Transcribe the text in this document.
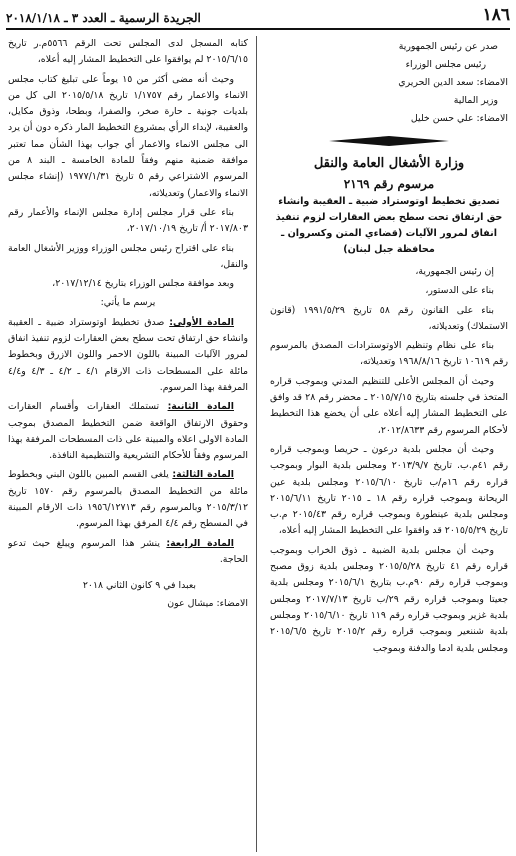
١٨٦
الجريدة الرسمية ـ العدد ٣ ـ ٢٠١٨/١/١٨
صدر عن رئيس الجمهورية
رئيس مجلس الوزراء
الامضاء: سعد الدين الحريري
وزير المالية
الامضاء: علي حسن خليل
وزارة الأشغال العامة والنقل
مرسوم رقم ٢١٦٩
تصديق تخطيط اوتوستراد ضبية ـ العقيبة وانشاء حق ارتفاق تحت سطح بعض العقارات لزوم تنفيذ انفاق لمرور الآليات (قضاءي المتن وكسروان ـ محافظة جبل لبنان)
إن رئيس الجمهورية،
بناء على الدستور،
بناء على القانون رقم ٥٨ تاريخ ١٩٩١/٥/٢٩ (قانون الاستملاك) وتعديلاته،
بناء على نظام وتنظيم الاوتوسترادات المصدق بالمرسوم رقم ١٠٦١٩ تاريخ ١٩٦٨/٨/١٦ وتعديلاته،
وحيث أن المجلس الأعلى للتنظيم المدني وبموجب قراره المتخذ في جلسته بتاريخ ٢٠١٥/٧/١٥ ـ محضر رقم ٢٨ قد وافق على التخطيط المشار إليه أعلاه على أن يخضع هذا التخطيط لأحكام المرسوم رقم ٢٠١٢/٨٦٣٣،
وحيث أن مجلس بلدية درعون ـ حريصا وبموجب قراره رقم ٤١م.ب. تاريخ ٢٠١٣/٩/٧ ومجلس بلدية البوار وبموجب قراره رقم ١٦م/ب تاريخ ٢٠١٥/٦/١٠ ومجلس بلدية عين الريحانة وبموجب قراره رقم ١٨ ـ ٢٠١٥ تاريخ ٢٠١٥/٦/١١ ومجلس بلدية عينطورة وبموجب قراره رقم ٢٠١٥/٤٣ م.ب تاريخ ٢٠١٥/٥/٢٩ قد وافقوا على التخطيط المشار إليه أعلاه،
وحيث أن مجلس بلدية الضبية ـ ذوق الخراب وبموجب قراره رقم ٤١ تاريخ ٢٠١٥/٥/٢٨ ومجلس بلدية زوق مصبح وبموجب قراره رقم ٩٠م.ب بتاريخ ٢٠١٥/٦/١ ومجلس بلدية جعيتا وبموجب قراره رقم ٢٩/ب تاريخ ٢٠١٧/٧/١٣ ومجلس بلدية غزير وبموجب قراره رقم ١١٩ تاريخ ٢٠١٥/٦/١٠ ومجلس بلدية شننعير وبموجب قراره رقم ٢٠١٥/٢ تاريخ ٢٠١٥/٦/٥ ومجلس بلدية ادما والدفنة وبموجب
كتابه المسجل لدى المجلس تحت الرقم ٥٥٦٦م.ر تاريخ ٢٠١٥/٦/١٥ لم يوافقوا على التخطيط المشار إليه أعلاه،
وحيث أنه مضى أكثر من ١٥ يوماً على تبليغ كتاب مجلس الانماء والاعمار رقم ١/١٧٥٧ تاريخ ٢٠١٥/٥/١٨ الى كل من بلديات جونية ـ حارة صخر، والصفرا، وبطحا، وذوق مكايل، والعقيبة، لإبداء الرأي بمشروع التخطيط المار ذكره دون أن يرد الى مجلس الانماء والاعمار أي جواب بهذا الشأن مما تعتبر موافقة ضمنية منهم وفقاً للمادة الخامسة ـ البند ٨ من المرسوم الاشتراعي رقم ٥ تاريخ ١٩٧٧/١/٣١ (إنشاء مجلس الانماء والاعمار) وتعديلاته،
بناء على قرار مجلس إدارة مجلس الإنماء والأعمار رقم ٢٠١٧/٨٠٣ أ/ تاريخ ٢٠١٧/١٠/١٩،
بناء على اقتراح رئيس مجلس الوزراء ووزير الأشغال العامة والنقل،
وبعد موافقة مجلس الوزراء بتاريخ ٢٠١٧/١٢/١٤،
يرسم ما يأتي:
المادة الأولى: صدق تخطيط اوتوستراد ضبية ـ العقيبة وانشاء حق ارتفاق تحت سطح بعض العقارات لزوم تنفيذ انفاق لمرور الآليات المبينة باللون الاحمر واللون الازرق وبخطوط مائلة على المسطحات ذات الارقام ٤/١ ـ ٤/٢ ـ ٤/٣ و٤/٤ المرفقة بهذا المرسوم.
المادة الثانية: تستملك العقارات وأقسام العقارات وحقوق الارتفاق الواقعة ضمن التخطيط المصدق بموجب المادة الاولى اعلاه والمبينة على ذات المسطحات المرفقة بهذا المرسوم وفقاً للأحكام التشريعية والتنظيمية النافذة.
المادة الثالثة: يلغى القسم المبين باللون البني وبخطوط مائلة من التخطيط المصدق بالمرسوم رقم ١٥٧٠ تاريخ ٢٠١٥/٣/١٢ وبالمرسوم رقم ١٩٥٦/١٢٧١٣ ذات الارقام المبينة في المسطح رقم ٤/٤ المرفق بهذا المرسوم.
المادة الرابعة: ينشر هذا المرسوم ويبلغ حيث تدعو الحاجة.
بعبدا في ٩ كانون الثاني ٢٠١٨
الامضاء: ميشال عون
